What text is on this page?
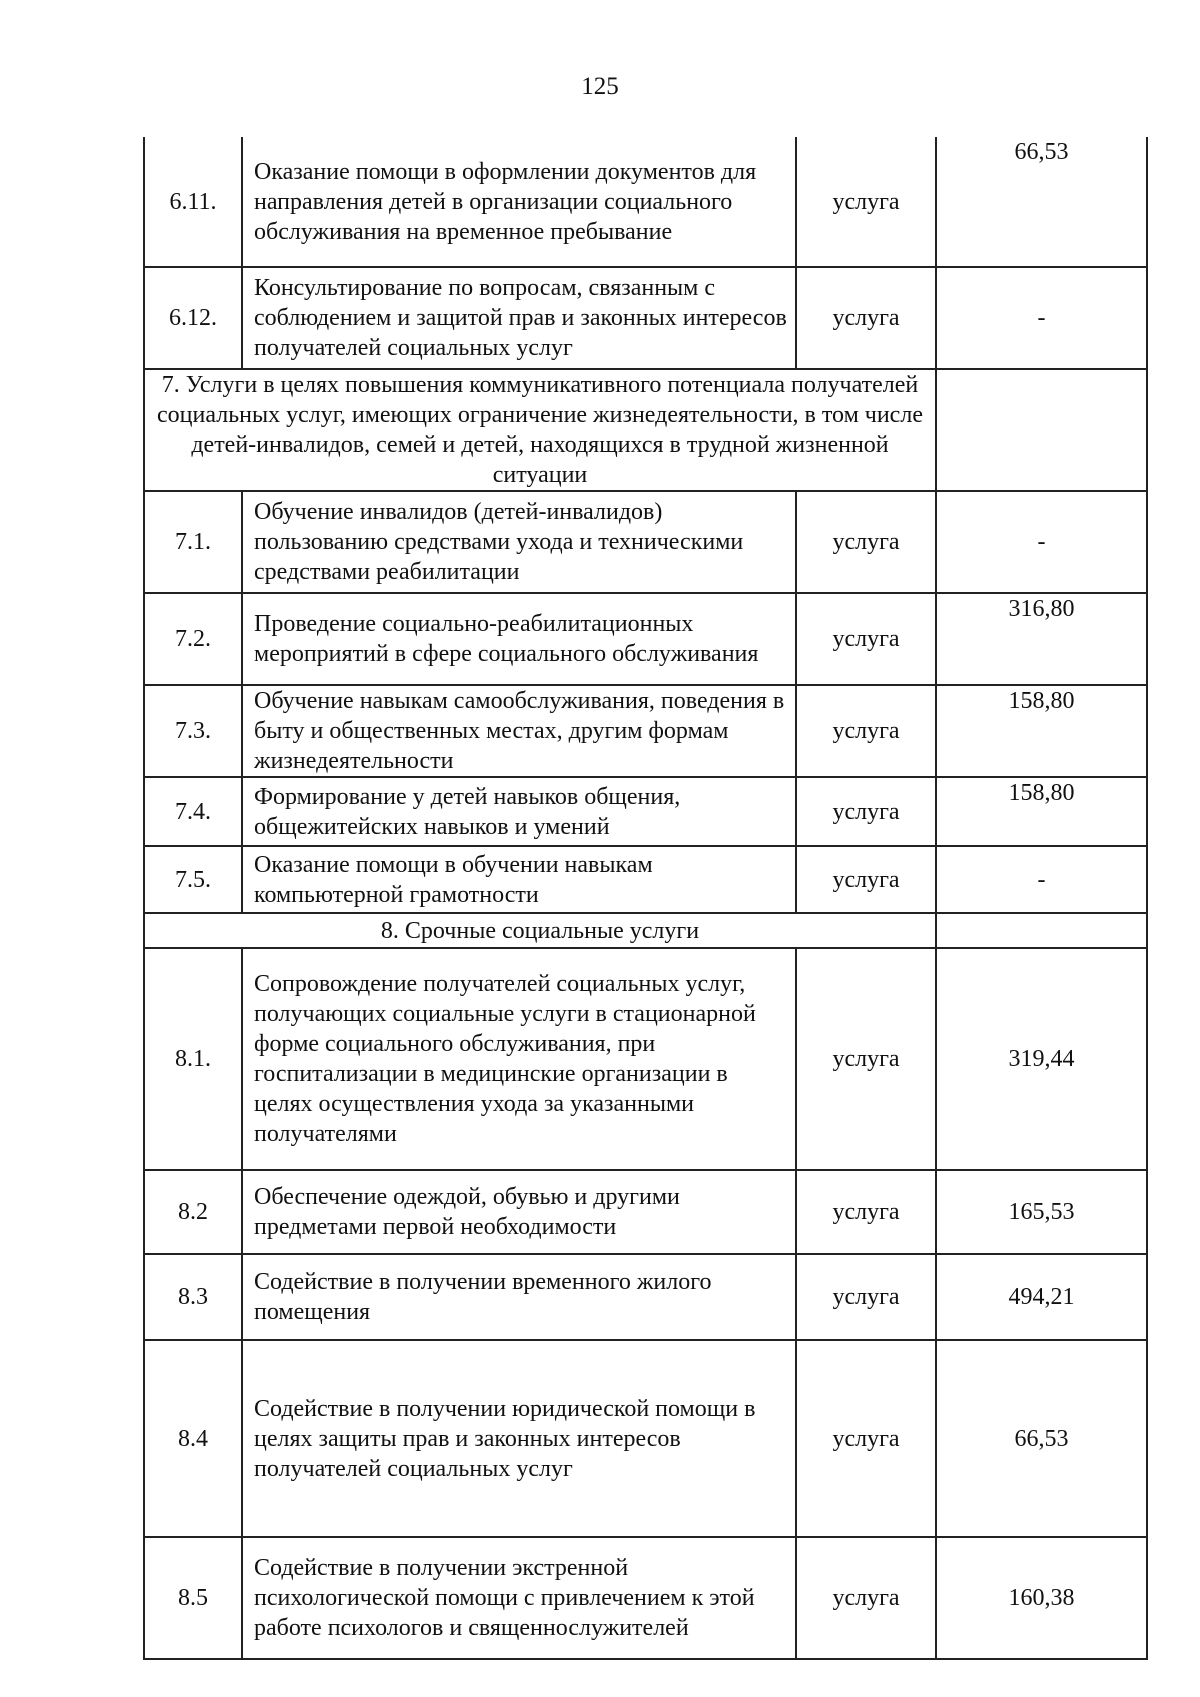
125
6.11.	Оказание помощи в оформлении документов для направления детей в организации социального обслуживания на временное пребывание	услуга	66,53
6.12.	Консультирование по вопросам, связанным с соблюдением и защитой прав и законных интересов получателей социальных услуг	услуга	-
7. Услуги в целях повышения коммуникативного потенциала получателей социальных услуг, имеющих ограничение жизнедеятельности, в том числе детей-инвалидов, семей и детей, находящихся в трудной жизненной ситуации			
7.1.	Обучение инвалидов (детей-инвалидов) пользованию средствами ухода и техническими средствами реабилитации	услуга	-
7.2.	Проведение социально-реабилитационных мероприятий в сфере социального обслуживания	услуга	316,80
7.3.	Обучение навыкам самообслуживания, поведения в быту и общественных местах, другим формам жизнедеятельности	услуга	158,80
7.4.	Формирование у детей навыков общения, общежитейских навыков и умений	услуга	158,80
7.5.	Оказание помощи в обучении навыкам компьютерной грамотности	услуга	-
8. Срочные социальные услуги			
8.1.	Сопровождение получателей социальных услуг, получающих социальные услуги в стационарной форме социального обслуживания, при госпитализации в медицинские организации в целях осуществления ухода за указанными получателями	услуга	319,44
8.2	Обеспечение одеждой, обувью и другими предметами первой необходимости	услуга	165,53
8.3	Содействие в получении временного жилого помещения	услуга	494,21
8.4	Содействие в получении юридической помощи в целях защиты прав и законных интересов получателей социальных услуг	услуга	66,53
8.5	Содействие в получении экстренной психологической помощи с привлечением к этой работе психологов и священнослужителей	услуга	160,38
